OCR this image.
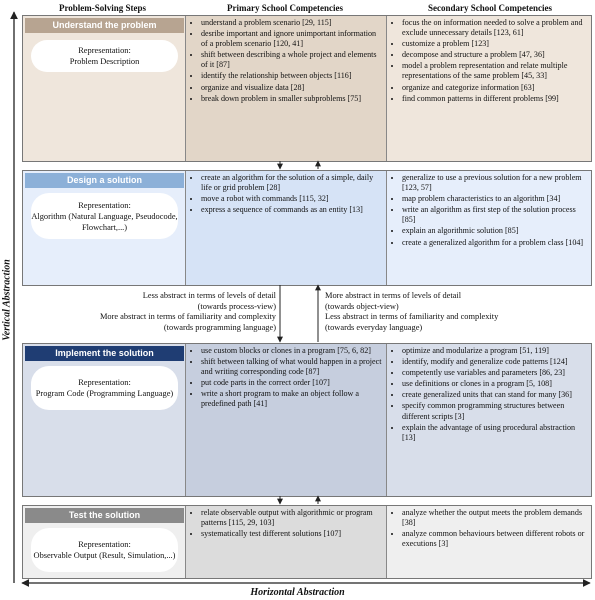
Problem-Solving Steps	Primary School Competencies	Secondary School Competencies
Understand the problem
Representation:
Problem Description
• understand a problem scenario [29, 115]
• desribe important and ignore unimportant information of a problem scenario [120, 41]
• shift between describing a whole project and elements of it [87]
• identify the relationship between objects [116]
• organize and visualize data [28]
• break down problem in smaller subproblems [75]
• focus the on information needed to solve a problem and exclude unnecessary details [123, 61]
• customize a problem [123]
• decompose and structure a problem [47, 36]
• model a problem representation and relate multiple representations of the same problem [45, 33]
• organize and categorize information [63]
• find common patterns in different problems [99]
Design a solution
Representation:
Algorithm (Natural Language, Pseudocode, Flowchart,...)
• create an algorithm for the solution of a simple, daily life or grid problem [28]
• move a robot with commands [115, 32]
• express a sequence of commands as an entity [13]
• generalize to use a previous solution for a new problem [123, 57]
• map problem characteristics to an algorithm [34]
• write an algorithm as first step of the solution process [85]
• explain an algorithmic solution [85]
• create a generalized algorithm for a problem class [104]
Less abstract in terms of levels of detail
(towards process-view)
More abstract in terms of familiarity and complexity
(towards programming language)
More abstract in terms of levels of detail
(towards object-view)
Less abstract in terms of familiarity and complexity
(towards everyday language)
Implement the solution
Representation:
Program Code (Programming Language)
• use custom blocks or clones in a program [75, 6, 82]
• shift between talking of what would happen in a project and writing corresponding code [87]
• put code parts in the correct order [107]
• write a short program to make an object follow a predefined path [41]
• optimize and modularize a program [51, 119]
• identify, modify and generalize code patterns [124]
• competently use variables and parameters [86, 23]
• use definitions or clones in a program [5, 108]
• create generalized units that can stand for many [36]
• specify common programming structures between different scripts [3]
• explain the advantage of using procedural abstraction [13]
Test the solution
Representation:
Observable Output (Result, Simulation,...)
• relate observable output with algorithmic or program patterns [115, 29, 103]
• systematically test different solutions [107]
• analyze whether the output meets the problem demands [38]
• analyze common behaviours between different robots or executions [3]
Vertical Abstraction
Horizontal Abstraction
